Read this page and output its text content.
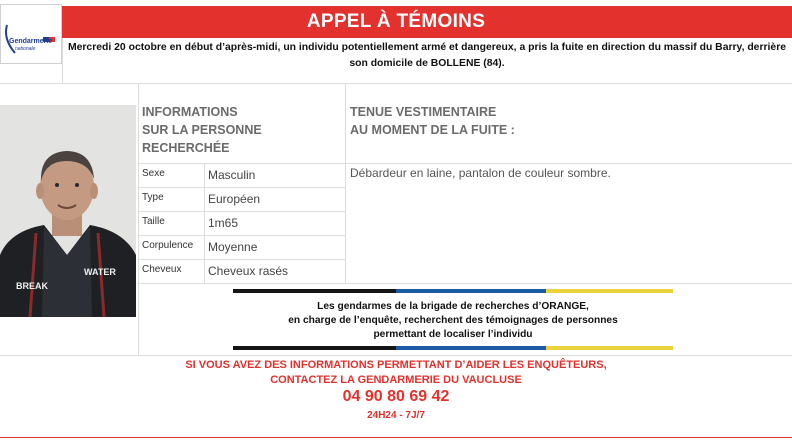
APPEL À TÉMOINS
Gendarmerie
nationale	Mercredi 20 octobre en début d’après-midi, un individu potentiellement armé et dangereux, a pris la fuite en direction du massif du Barry, derrière son domicile de BOLLENE (84).
BREAK
WATER
INFORMATIONS
SUR LA PERSONNE
RECHERCHÉE
TENUE VESTIMENTAIRE
AU MOMENT DE LA FUITE :
Débardeur en laine, pantalon de couleur sombre.
Sexe	Masculin
Type	Européen
Taille	1m65
Corpulence Moyenne
Cheveux Cheveux rasés
Les gendarmes de la brigade de recherches d’ORANGE,
en charge de l’enquête, recherchent des témoignages de personnes
permettant de localiser l’individu
SI VOUS AVEZ DES INFORMATIONS PERMETTANT D’AIDER LES ENQUÊTEURS,
CONTACTEZ LA GENDARMERIE DU VAUCLUSE
04 90 80 69 42
24H24 - 7J/7
